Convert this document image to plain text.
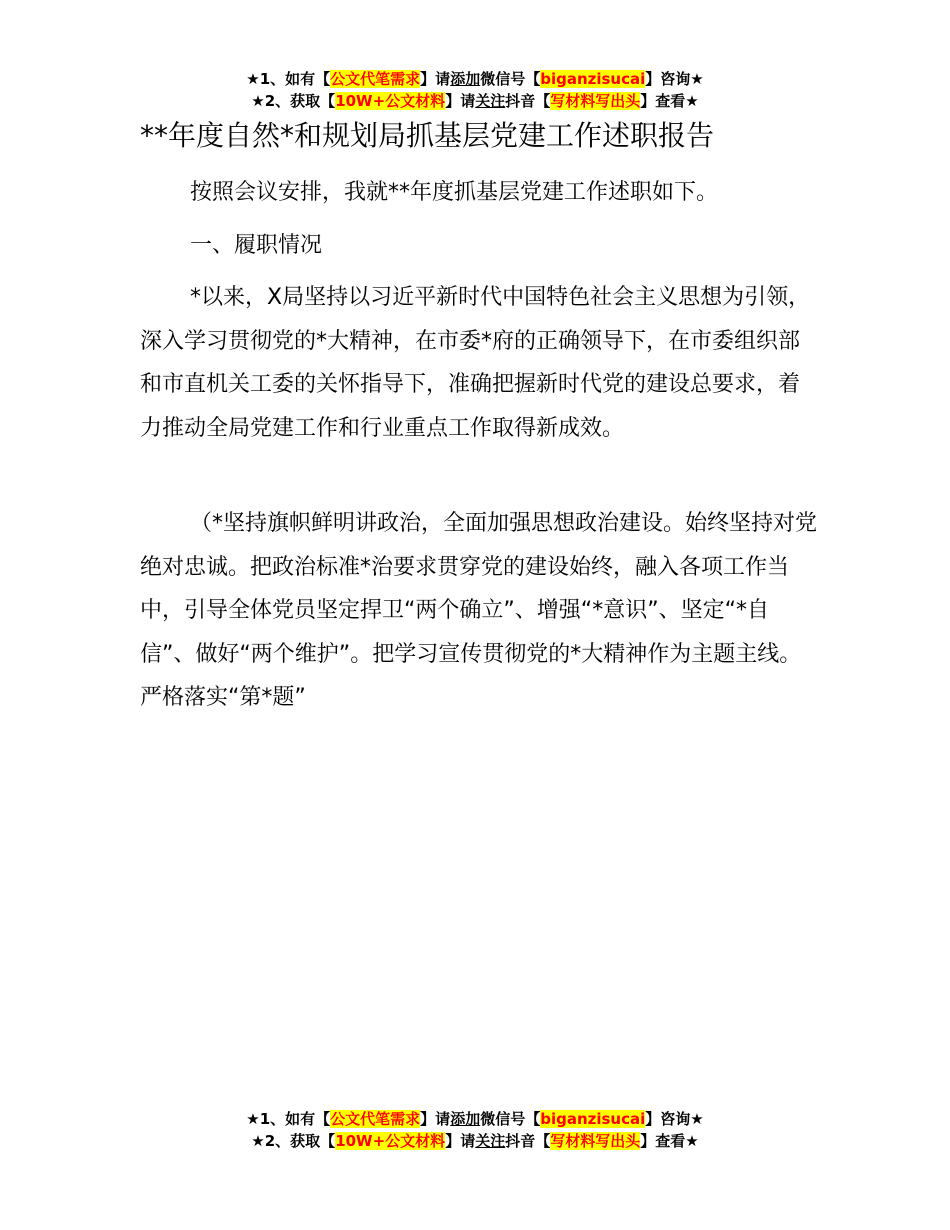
★1、如有【公文代笔需求】请添加微信号【biganzisucai】咨询★
★2、获取【10W+公文材料】请关注抖音【写材料写出头】查看★
**年度自然*和规划局抓基层党建工作述职报告

按照会议安排，我就**年度抓基层党建工作述职如下。

一、履职情况

*以来，X局坚持以习近平新时代中国特色社会主义思想为引领，深入学习贯彻党的*大精神，在市委*府的正确领导下，在市委组织部和市直机关工委的关怀指导下，准确把握新时代党的建设总要求，着力推动全局党建工作和行业重点工作取得新成效。

（*坚持旗帜鲜明讲政治，全面加强思想政治建设。始终坚持对党绝对忠诚。把政治标准*治要求贯穿党的建设始终，融入各项工作当中，引导全体党员坚定捍卫“两个确立”、增强“*意识”、坚定“*自信”、做好“两个维护”。把学习宣传贯彻党的*大精神作为主题主线。严格落实“第*题”

★1、如有【公文代笔需求】请添加微信号【biganzisucai】咨询★
★2、获取【10W+公文材料】请关注抖音【写材料写出头】查看★
